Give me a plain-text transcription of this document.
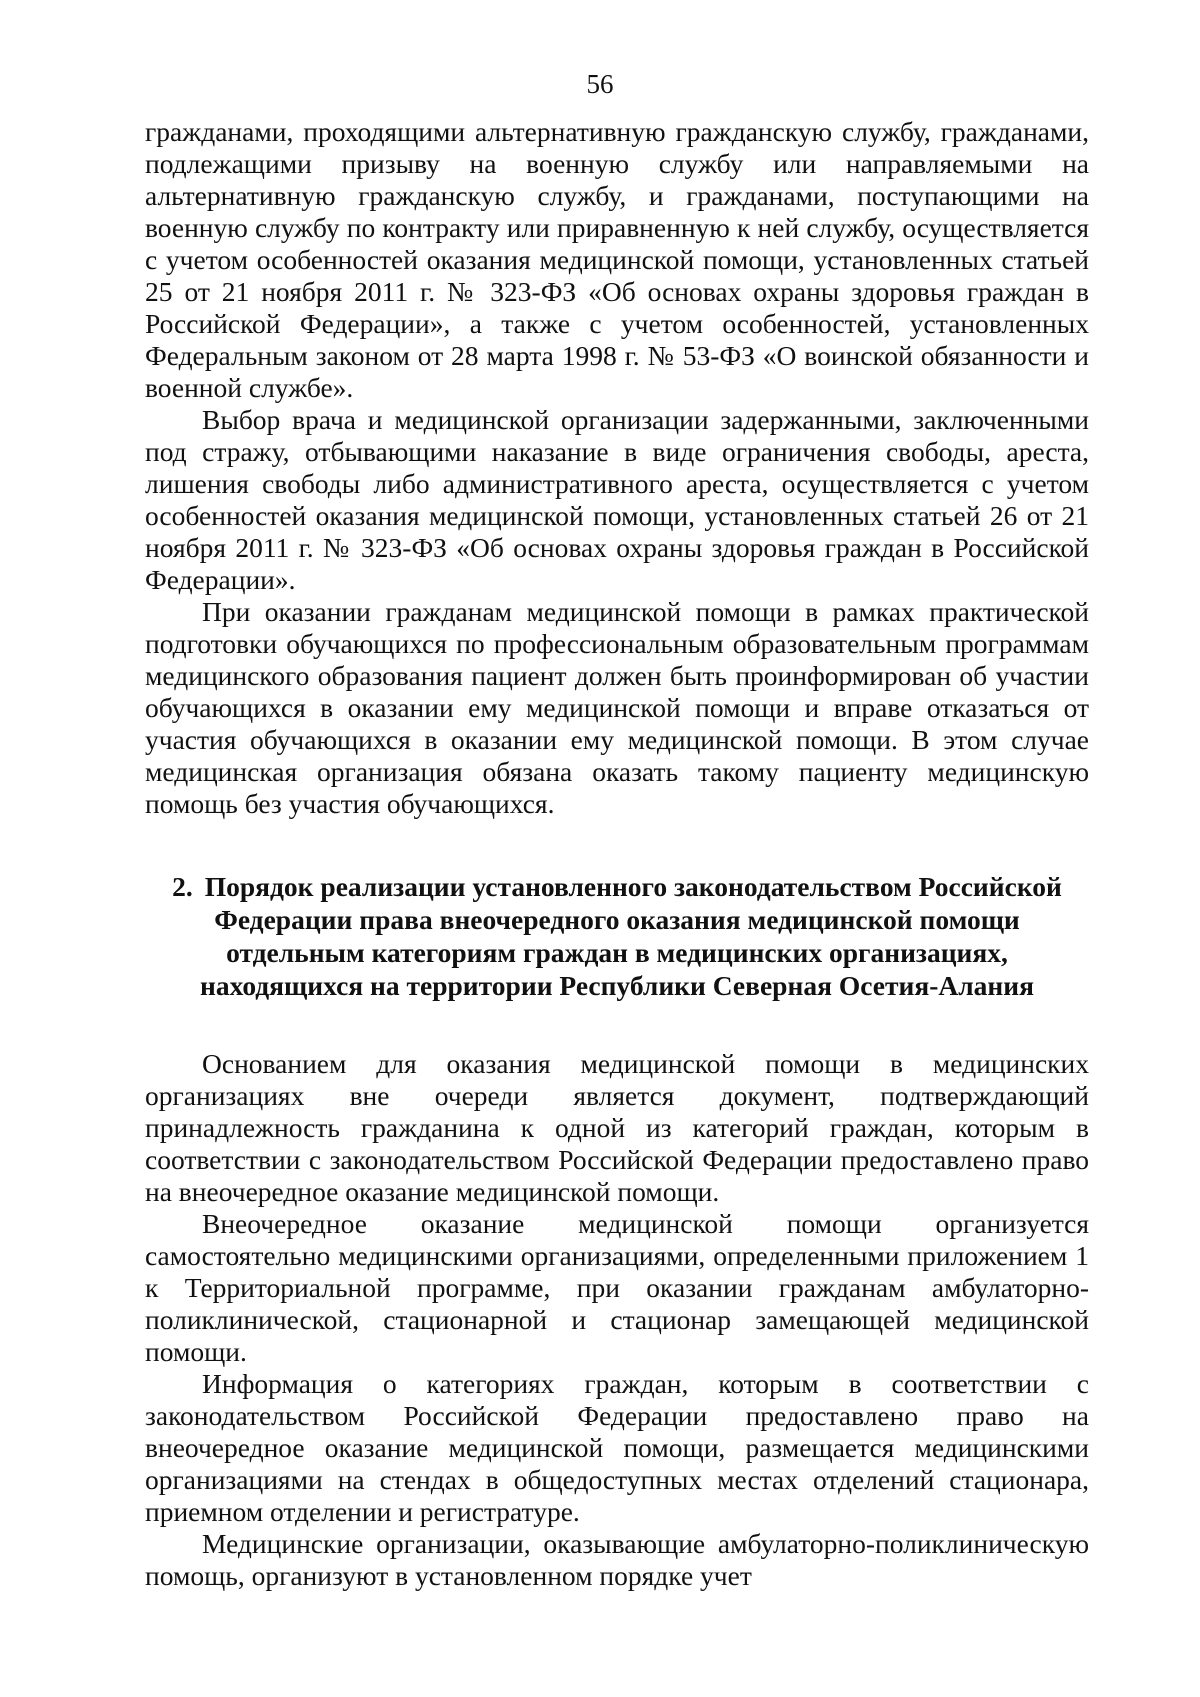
56

гражданами, проходящими альтернативную гражданскую службу, гражданами, подлежащими призыву на военную службу или направляемыми на альтернативную гражданскую службу, и гражданами, поступающими на военную службу по контракту или приравненную к ней службу, осуществляется с учетом особенностей оказания медицинской помощи, установленных статьей 25 от 21 ноября 2011 г. № 323-ФЗ «Об основах охраны здоровья граждан в Российской Федерации», а также с учетом особенностей, установленных Федеральным законом от 28 марта 1998 г. № 53-ФЗ «О воинской обязанности и военной службе».

Выбор врача и медицинской организации задержанными, заключенными под стражу, отбывающими наказание в виде ограничения свободы, ареста, лишения свободы либо административного ареста, осуществляется с учетом особенностей оказания медицинской помощи, установленных статьей 26 от 21 ноября 2011 г. № 323-ФЗ «Об основах охраны здоровья граждан в Российской Федерации».

При оказании гражданам медицинской помощи в рамках практической подготовки обучающихся по профессиональным образовательным программам медицинского образования пациент должен быть проинформирован об участии обучающихся в оказании ему медицинской помощи и вправе отказаться от участия обучающихся в оказании ему медицинской помощи. В этом случае медицинская организация обязана оказать такому пациенту медицинскую помощь без участия обучающихся.

2. Порядок реализации установленного законодательством Российской Федерации права внеочередного оказания медицинской помощи отдельным категориям граждан в медицинских организациях, находящихся на территории Республики Северная Осетия-Алания

Основанием для оказания медицинской помощи в медицинских организациях вне очереди является документ, подтверждающий принадлежность гражданина к одной из категорий граждан, которым в соответствии с законодательством Российской Федерации предоставлено право на внеочередное оказание медицинской помощи.

Внеочередное оказание медицинской помощи организуется самостоятельно медицинскими организациями, определенными приложением 1 к Территориальной программе, при оказании гражданам амбулаторно-поликлинической, стационарной и стационар замещающей медицинской помощи.

Информация о категориях граждан, которым в соответствии с законодательством Российской Федерации предоставлено право на внеочередное оказание медицинской помощи, размещается медицинскими организациями на стендах в общедоступных местах отделений стационара, приемном отделении и регистратуре.

Медицинские организации, оказывающие амбулаторно-поликлиническую помощь, организуют в установленном порядке учет
